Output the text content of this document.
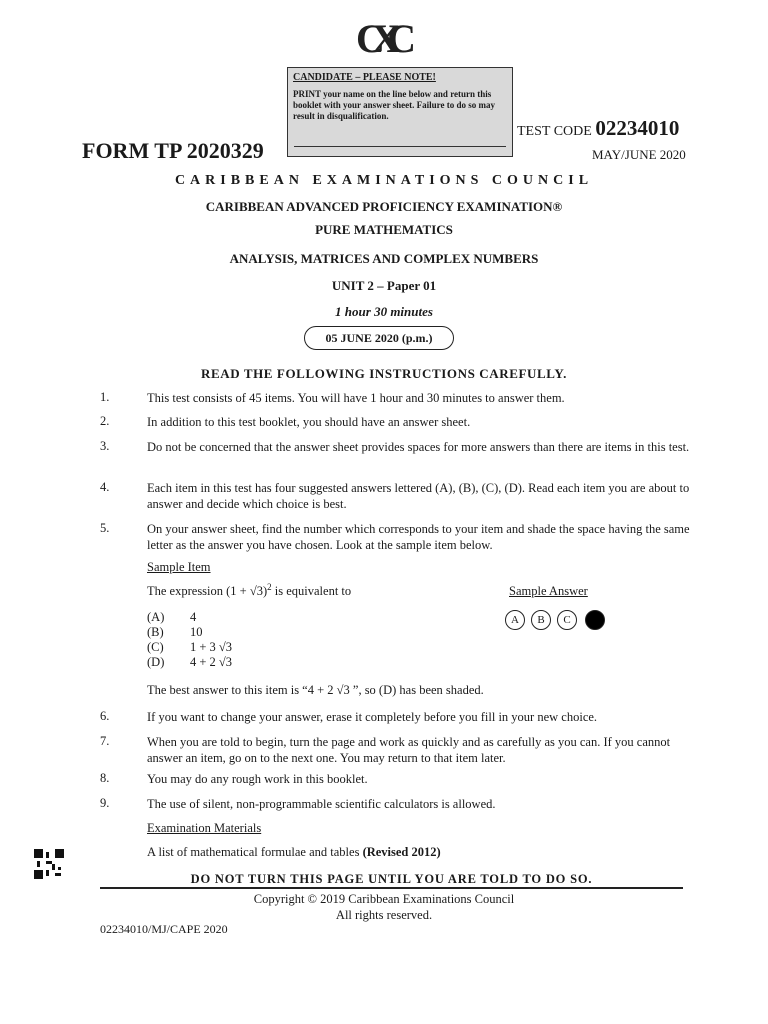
CXC
CANDIDATE – PLEASE NOTE!
PRINT your name on the line below and return this booklet with your answer sheet. Failure to do so may result in disqualification.
FORM TP 2020329
TEST CODE 02234010
MAY/JUNE 2020
CARIBBEAN EXAMINATIONS COUNCIL
CARIBBEAN ADVANCED PROFICIENCY EXAMINATION®
PURE MATHEMATICS
ANALYSIS, MATRICES AND COMPLEX NUMBERS
UNIT 2 – Paper 01
1 hour 30 minutes
05 JUNE 2020 (p.m.)
READ THE FOLLOWING INSTRUCTIONS CAREFULLY.
1.	This test consists of 45 items. You will have 1 hour and 30 minutes to answer them.
2.	In addition to this test booklet, you should have an answer sheet.
3.	Do not be concerned that the answer sheet provides spaces for more answers than there are items in this test.
4.	Each item in this test has four suggested answers lettered (A), (B), (C), (D). Read each item you are about to answer and decide which choice is best.
5.	On your answer sheet, find the number which corresponds to your item and shade the space having the same letter as the answer you have chosen. Look at the sample item below.
Sample Item
The expression $(1 + √3)^2$ is equivalent to	Sample Answer
(A) 4
(B) 10
(C) 1 + 3 √3
(D) 4 + 2 √3
A	B	C	D
The best answer to this item is “4 + 2 √3 ”, so (D) has been shaded.
6.	If you want to change your answer, erase it completely before you fill in your new choice.
7.	When you are told to begin, turn the page and work as quickly and as carefully as you can. If you cannot answer an item, go on to the next one. You may return to that item later.
8.	You may do any rough work in this booklet.
9.	The use of silent, non-programmable scientific calculators is allowed.
Examination Materials
A list of mathematical formulae and tables (Revised 2012)
DO NOT TURN THIS PAGE UNTIL YOU ARE TOLD TO DO SO.
Copyright © 2019 Caribbean Examinations Council
All rights reserved.
02234010/MJ/CAPE 2020
